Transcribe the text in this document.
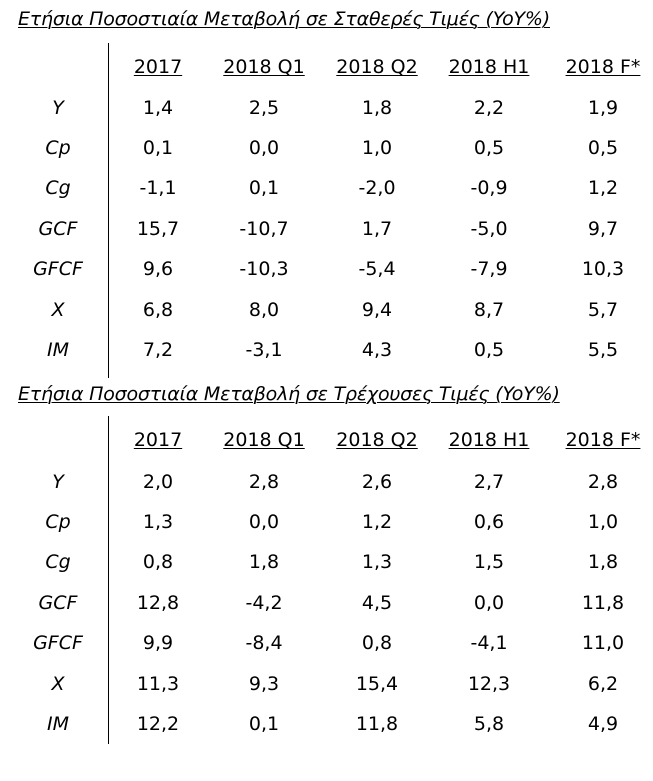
Ετήσια Ποσοστιαία Μεταβολή σε Σταθερές Τιμές (YoY%)
2017 2018 Q1 2018 Q2 2018 H1 2018 F*
Y	1,4	2,5	1,8	2,2	1,9
Cp	0,1	0,0	1,0	0,5	0,5
Cg	-1,1	0,1	-2,0	-0,9	1,2
GCF	15,7	-10,7	1,7	-5,0	9,7
GFCF	9,6	-10,3	-5,4	-7,9	10,3
X	6,8	8,0	9,4	8,7	5,7
IM	7,2	-3,1	4,3	0,5	5,5
Ετήσια Ποσοστιαία Μεταβολή σε Τρέχουσες Τιμές (YoY%)
2017 2018 Q1 2018 Q2 2018 H1 2018 F*
Y	2,0	2,8	2,6	2,7	2,8
Cp	1,3	0,0	1,2	0,6	1,0
Cg	0,8	1,8	1,3	1,5	1,8
GCF	12,8	-4,2	4,5	0,0	11,8
GFCF	9,9	-8,4	0,8	-4,1	11,0
X	11,3	9,3	15,4	12,3	6,2
IM	12,2	0,1	11,8	5,8	4,9
